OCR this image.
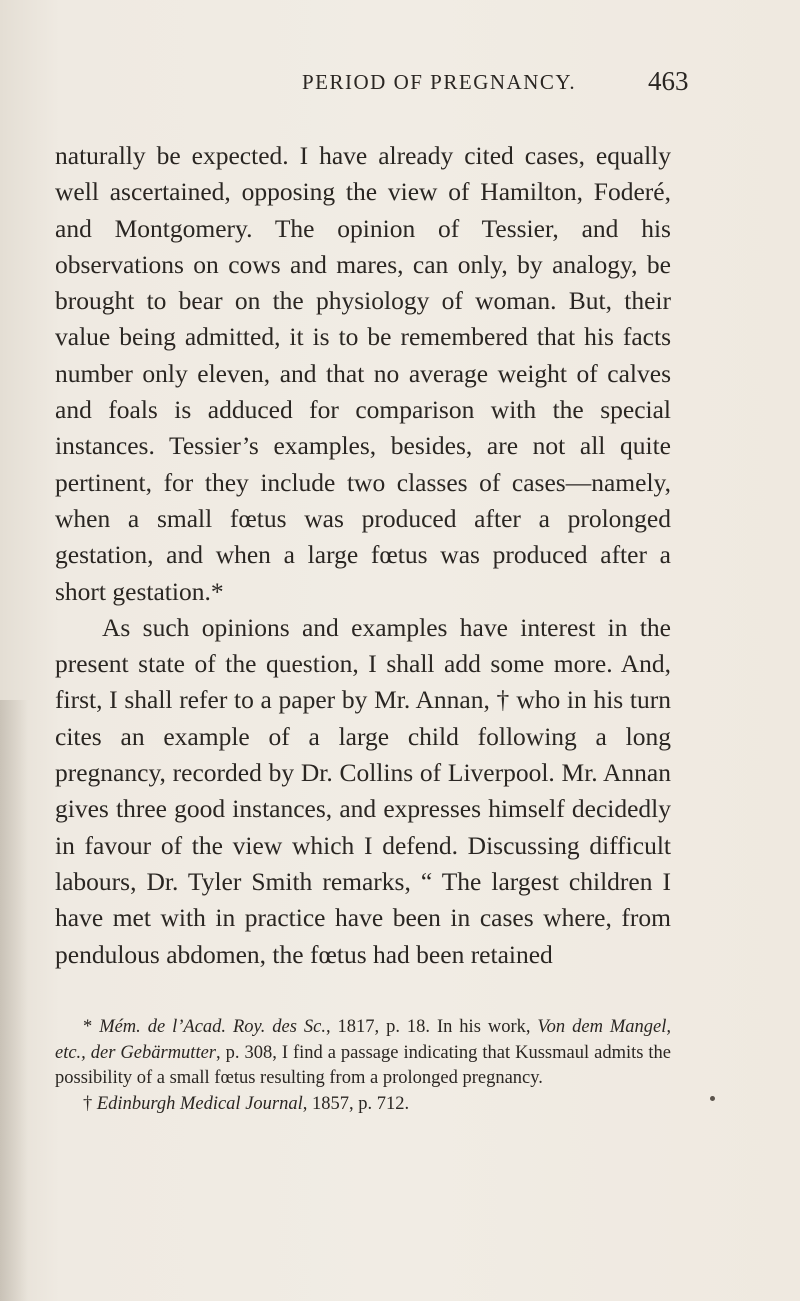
PERIOD OF PREGNANCY.	463

naturally be expected. I have already cited cases, equally well ascertained, opposing the view of Hamilton, Foderé, and Montgomery. The opinion of Tessier, and his observations on cows and mares, can only, by analogy, be brought to bear on the physiology of woman. But, their value being admitted, it is to be remembered that his facts number only eleven, and that no average weight of calves and foals is adduced for comparison with the special instances. Tessier’s examples, besides, are not all quite pertinent, for they include two classes of cases—namely, when a small fœtus was produced after a prolonged gestation, and when a large fœtus was produced after a short gestation.*

As such opinions and examples have interest in the present state of the question, I shall add some more. And, first, I shall refer to a paper by Mr. Annan, † who in his turn cites an example of a large child following a long pregnancy, recorded by Dr. Collins of Liverpool. Mr. Annan gives three good instances, and expresses himself decidedly in favour of the view which I defend. Discussing difficult labours, Dr. Tyler Smith remarks, “ The largest children I have met with in practice have been in cases where, from pendulous abdomen, the fœtus had been retained

* Mém. de l’Acad. Roy. des Sc., 1817, p. 18. In his work, Von dem Mangel, etc., der Gebärmutter, p. 308, I find a passage indicating that Kussmaul admits the possibility of a small fœtus resulting from a prolonged pregnancy.

† Edinburgh Medical Journal, 1857, p. 712.
